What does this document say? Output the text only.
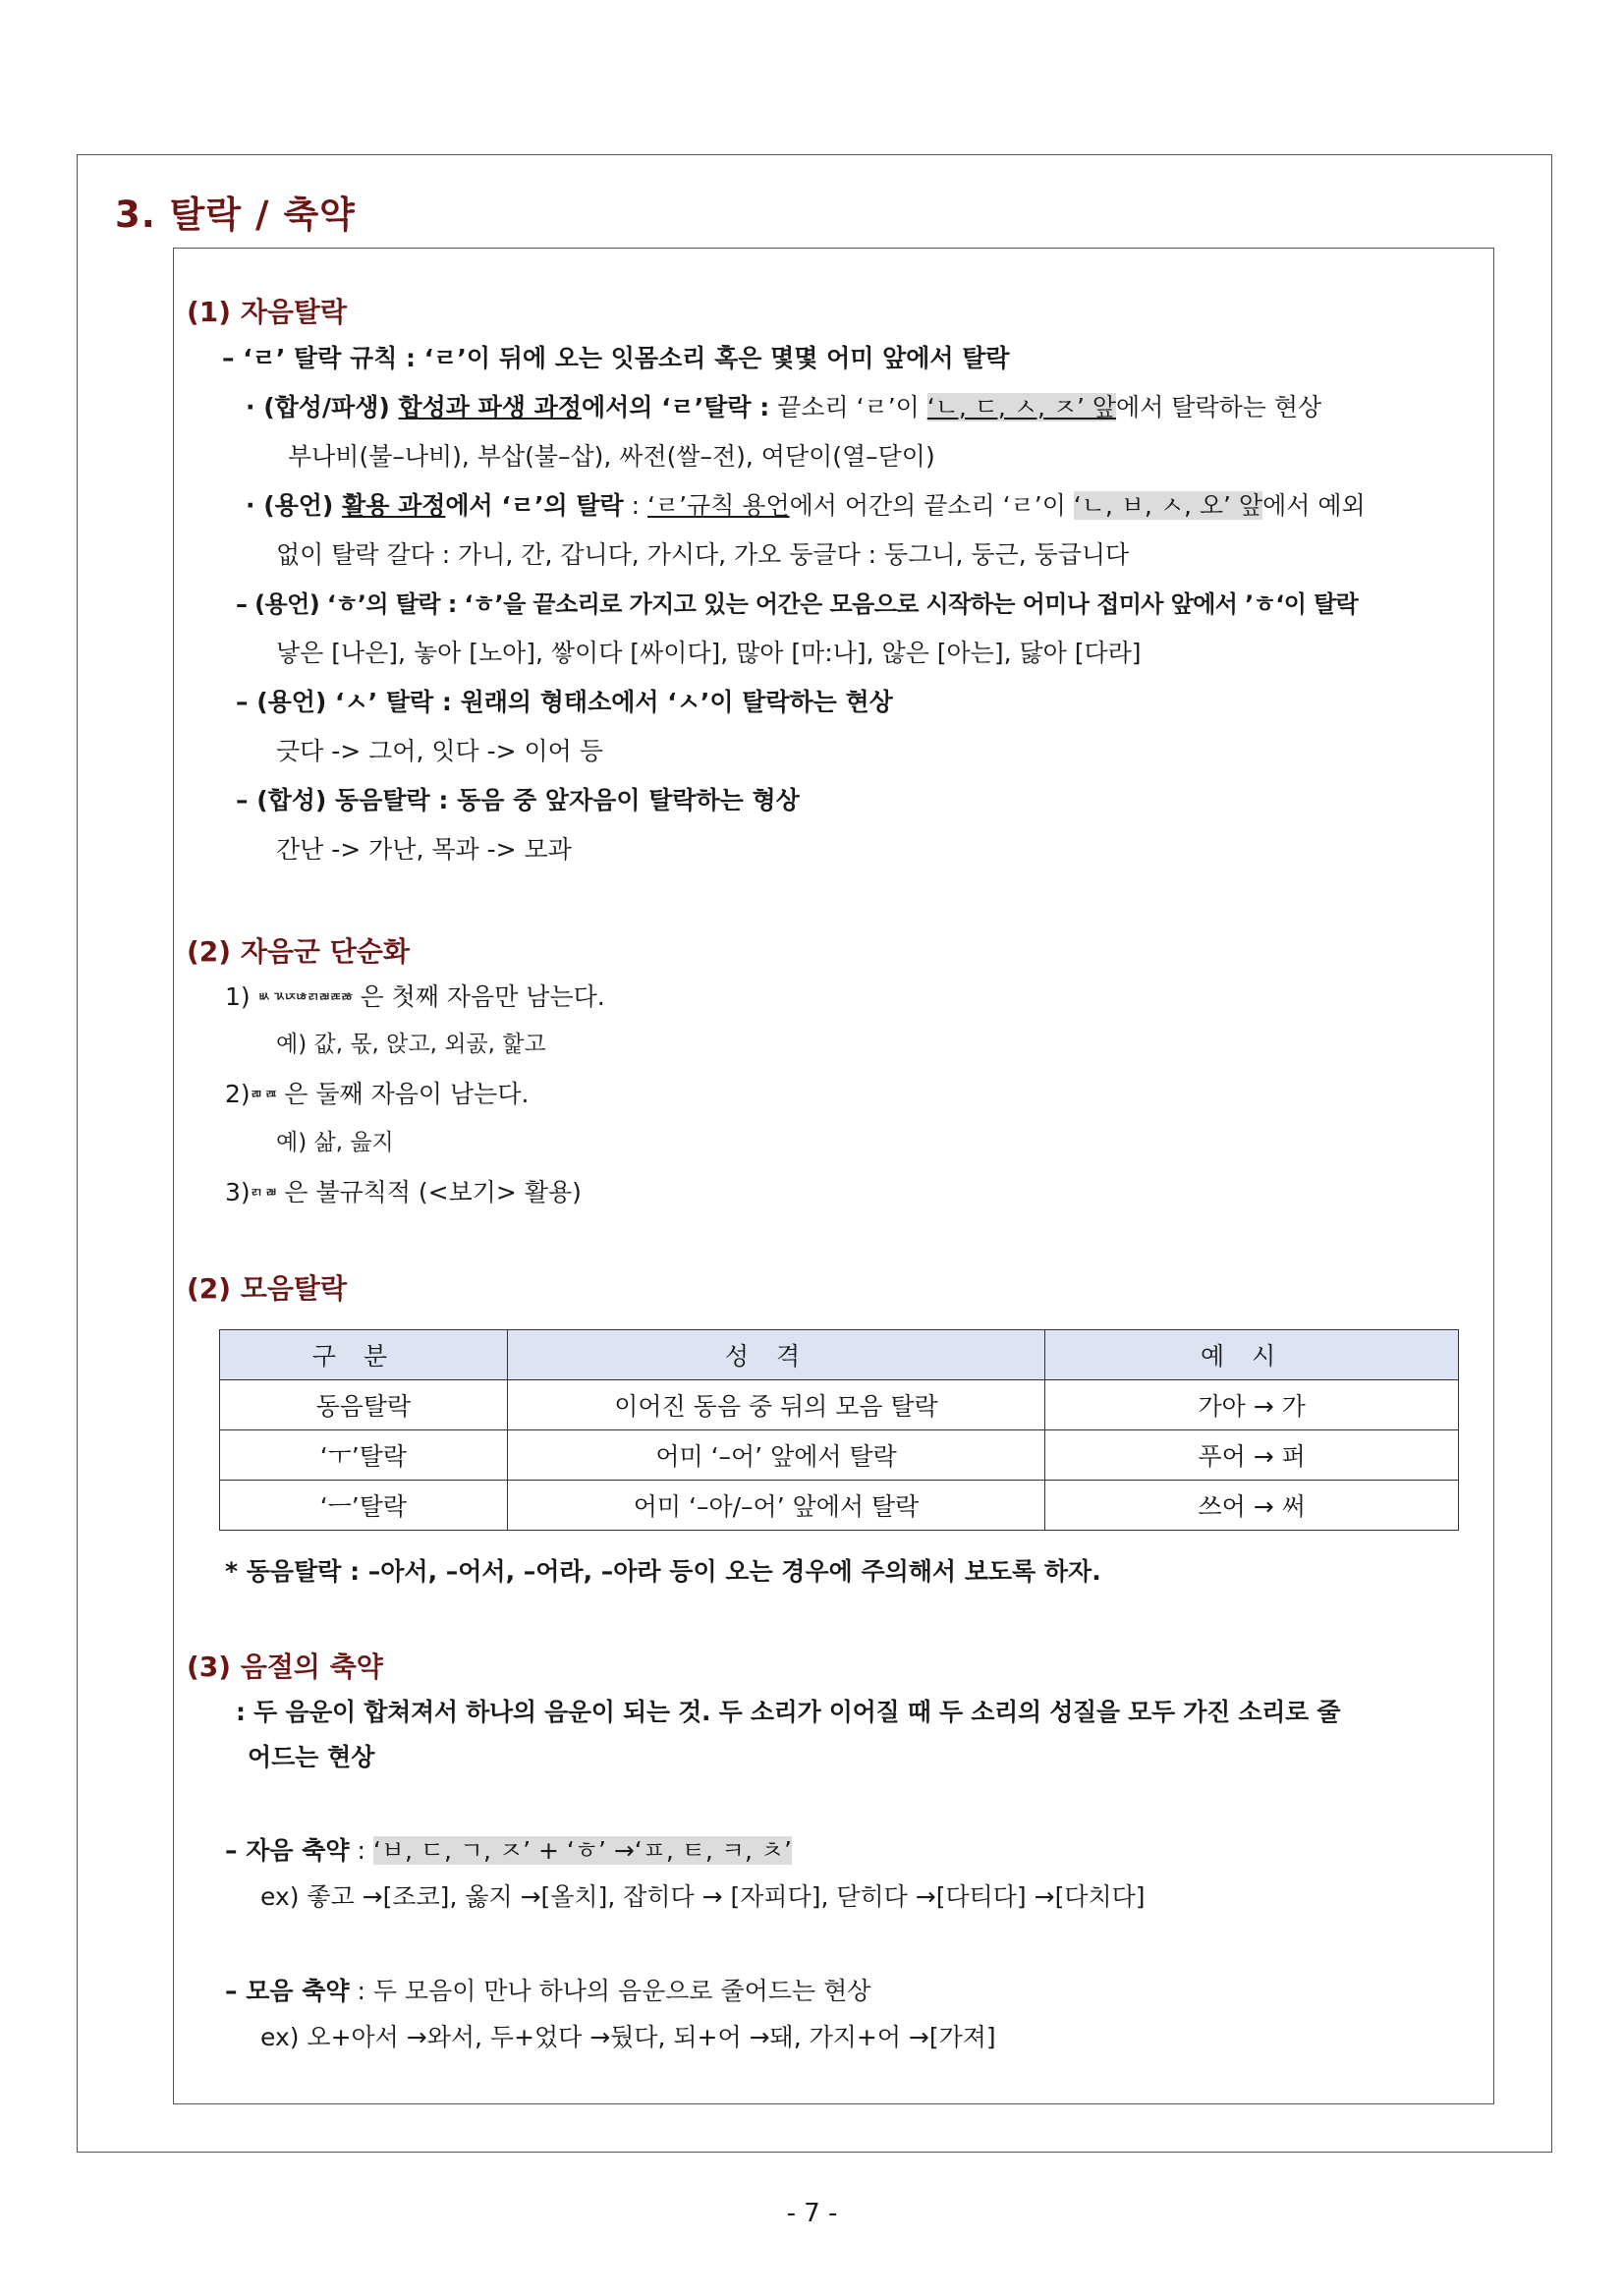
3. 탈락 / 축약
(1) 자음탈락
– ‘ㄹ’ 탈락 규칙 : ‘ㄹ’이 뒤에 오는 잇몸소리 혹은 몇몇 어미 앞에서 탈락
· (합성/파생) 합성과 파생 과정에서의 ‘ㄹ’탈락 : 끝소리 ‘ㄹ’이 ‘ㄴ, ㄷ, ㅅ, ㅈ’ 앞에서 탈락하는 현상
부나비(불–나비), 부삽(불–삽), 싸전(쌀–전), 여닫이(열–닫이)
· (용언) 활용 과정에서 ‘ㄹ’의 탈락 : ‘ㄹ’규칙 용언에서 어간의 끝소리 ‘ㄹ’이 ‘ㄴ, ㅂ, ㅅ, 오’ 앞에서 예외
없이 탈락 갈다 : 가니, 간, 갑니다, 가시다, 가오 둥글다 : 둥그니, 둥근, 둥급니다
– (용언) ‘ㅎ’의 탈락 : ‘ㅎ’을 끝소리로 가지고 있는 어간은 모음으로 시작하는 어미나 접미사 앞에서 ’ㅎ‘이 탈락
낳은 [나은], 놓아 [노아], 쌓이다 [싸이다], 많아 [마:나], 않은 [아는], 닳아 [다라]
– (용언) ‘ㅅ’ 탈락 : 원래의 형태소에서 ‘ㅅ’이 탈락하는 현상
긋다 -> 그어, 잇다 -> 이어 등
– (합성) 동음탈락 : 동음 중 앞자음이 탈락하는 형상
간난 -> 가난, 목과 -> 모과
(2) 자음군 단순화
1) ㅄ ㄳㄵㄶㄺㄼㄾㅀ 은 첫째 자음만 남는다.
예) 값, 몫, 앉고, 외곬, 핥고
2)ㄻ ㄿ 은 둘째 자음이 남는다.
예) 삶, 읊지
3)ㄺ ㄼ 은 불규칙적 (<보기> 활용)
(2) 모음탈락
구분	성격	예시
동음탈락	이어진 동음 중 뒤의 모음 탈락	가아 → 가
‘ㅜ’탈락	어미 ‘–어’ 앞에서 탈락	푸어 → 퍼
‘ㅡ’탈락	어미 ‘–아/–어’ 앞에서 탈락	쓰어 → 써
* 동음탈락 : –아서, –어서, –어라, –아라 등이 오는 경우에 주의해서 보도록 하자.
(3) 음절의 축약
: 두 음운이 합쳐져서 하나의 음운이 되는 것. 두 소리가 이어질 때 두 소리의 성질을 모두 가진 소리로 줄
어드는 현상
– 자음 축약 : ‘ㅂ, ㄷ, ㄱ, ㅈ’ + ‘ㅎ’ →‘ㅍ, ㅌ, ㅋ, ㅊ’
ex) 좋고 →[조코], 옳지 →[올치], 잡히다 → [자피다], 닫히다 →[다티다] →[다치다]
– 모음 축약 : 두 모음이 만나 하나의 음운으로 줄어드는 현상
ex) 오+아서 →와서, 두+었다 →뒀다, 되+어 →돼, 가지+어 →[가져]
- 7 -
